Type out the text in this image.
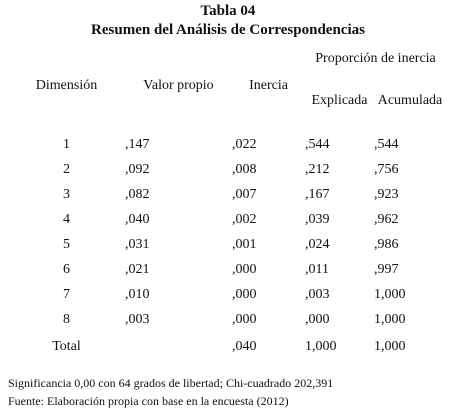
Tabla 04
Resumen del Análisis de Correspondencias
Dimensión	Valor propio	Inercia	Proporción de inercia	
			Explicada	Acumulada
1	,147	,022	,544	,544
2	,092	,008	,212	,756
3	,082	,007	,167	,923
4	,040	,002	,039	,962
5	,031	,001	,024	,986
6	,021	,000	,011	,997
7	,010	,000	,003	1,000
8	,003	,000	,000	1,000
Total		,040	1,000	1,000
Significancia 0,00 con 64 grados de libertad; Chi-cuadrado 202,391
Fuente: Elaboración propia con base en la encuesta (2012)
